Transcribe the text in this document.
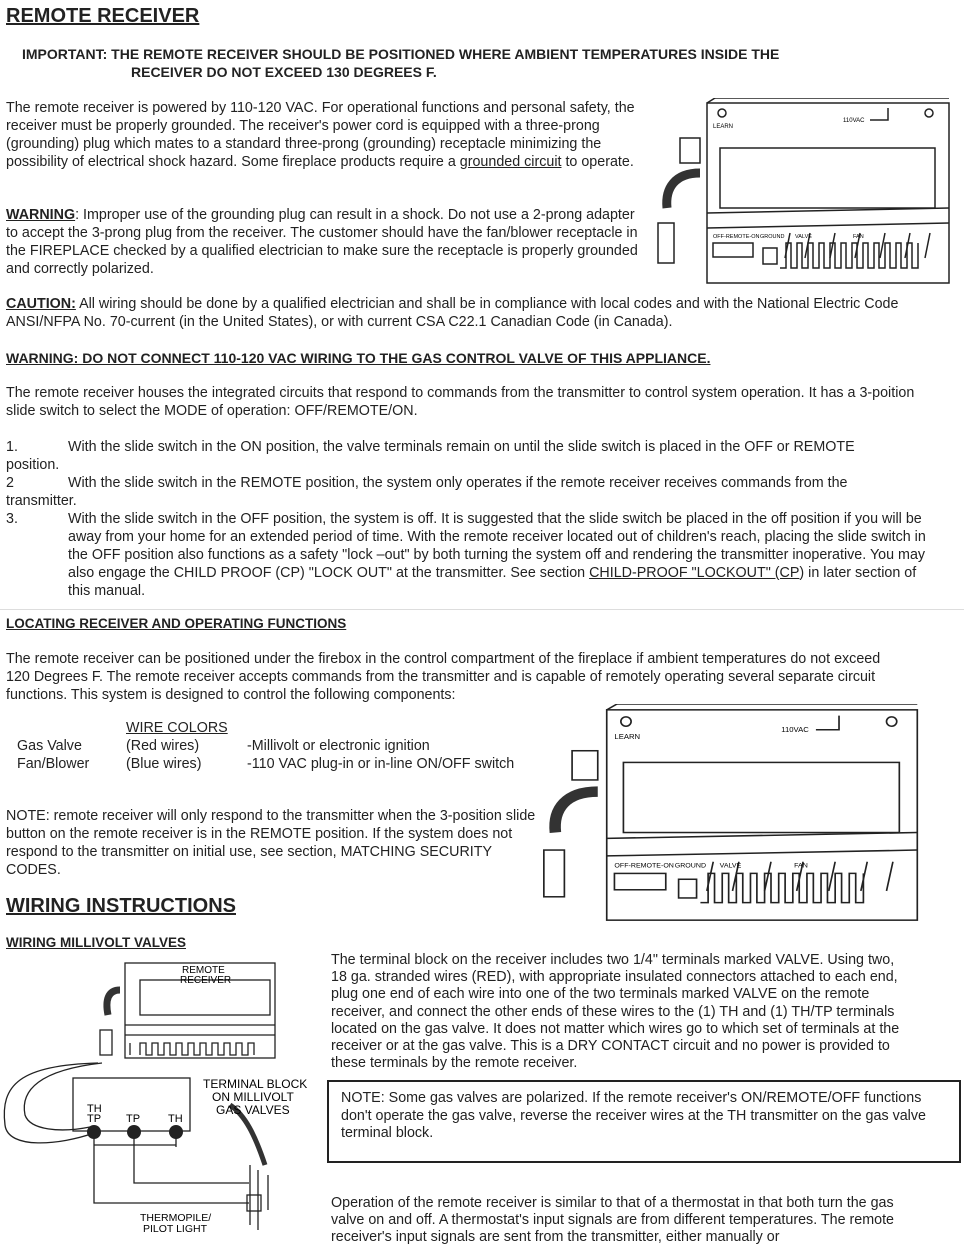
REMOTE RECEIVER
IMPORTANT: THE REMOTE RECEIVER SHOULD BE POSITIONED WHERE AMBIENT TEMPERATURES INSIDE THE
RECEIVER DO NOT EXCEED 130 DEGREES F.

The remote receiver is powered by 110-120 VAC. For operational functions and personal safety, the receiver must be properly grounded. The receiver's power cord is equipped with a three-prong (grounding) plug which mates to a standard three-prong (grounding) receptacle minimizing the possibility of electrical shock hazard. Some fireplace products require a grounded circuit to operate.

WARNING: Improper use of the grounding plug can result in a shock. Do not use a 2-prong adapter to accept the 3-prong plug from the receiver. The customer should have the fan/blower receptacle in the FIREPLACE checked by a qualified electrician to make sure the receptacle is properly grounded and correctly polarized.

LEARN
110VAC
OFF-REMOTE-ON GROUND VALVE	FAN

CAUTION: All wiring should be done by a qualified electrician and shall be in compliance with local codes and with the National Electric Code ANSI/NFPA No. 70-current (in the United States), or with current CSA C22.1 Canadian Code (in Canada).

WARNING: DO NOT CONNECT 110-120 VAC WIRING TO THE GAS CONTROL VALVE OF THIS APPLIANCE.

The remote receiver houses the integrated circuits that respond to commands from the transmitter to control system operation. It has a 3-poition slide switch to select the MODE of operation: OFF/REMOTE/ON.

1.	With the slide switch in the ON position, the valve terminals remain on until the slide switch is placed in the OFF or REMOTE
position.
2	With the slide switch in the REMOTE position, the system only operates if the remote receiver receives commands from the
transmitter.
3.	With the slide switch in the OFF position, the system is off. It is suggested that the slide switch be placed in the off position if you will be away from your home for an extended period of time. With the remote receiver located out of children's reach, placing the slide switch in the OFF position also functions as a safety "lock –out" by both turning the system off and rendering the transmitter inoperative. You may also engage the CHILD PROOF (CP) "LOCK OUT" at the transmitter. See section CHILD-PROOF "LOCKOUT" (CP) in later section of this manual.
LOCATING RECEIVER AND OPERATING FUNCTIONS

The remote receiver can be positioned under the firebox in the control compartment of the fireplace if ambient temperatures do not exceed 120 Degrees F. The remote receiver accepts commands from the transmitter and is capable of remotely operating several separate circuit functions. This system is designed to control the following components:

WIRE COLORS
Gas Valve	(Red wires)	-Millivolt or electronic ignition
Fan/Blower	(Blue wires)	-110 VAC plug-in or in-line ON/OFF switch
LEARN
110VAC
OFF-REMOTE-ON GROUND VALVE	FAN

NOTE: remote receiver will only respond to the transmitter when the 3-position slide button on the remote receiver is in the REMOTE position. If the system does not respond to the transmitter on initial use, see section, MATCHING SECURITY CODES.

WIRING INSTRUCTIONS
WIRING MILLIVOLT VALVES
REMOTE
RECEIVER
TERMINAL BLOCK
ON MILLIVOLT
GAS VALVES
TH
TP TP	TH
THERMOPILE/
PILOT LIGHT

The terminal block on the receiver includes two 1/4" terminals marked VALVE. Using two, 18 ga. stranded wires (RED), with appropriate insulated connectors attached to each end, plug one end of each wire into one of the two terminals marked VALVE on the remote receiver, and connect the other ends of these wires to the (1) TH and (1) TH/TP terminals located on the gas valve. It does not matter which wires go to which set of terminals at the receiver or at the gas valve. This is a DRY CONTACT circuit and no power is provided to these terminals by the remote receiver.

NOTE: Some gas valves are polarized. If the remote receiver's ON/REMOTE/OFF functions don't operate the gas valve, reverse the receiver wires at the TH transmitter on the gas valve terminal block.

Operation of the remote receiver is similar to that of a thermostat in that both turn the gas valve on and off. A thermostat's input signals are from different temperatures. The remote receiver's input signals are sent from the transmitter, either manually or
